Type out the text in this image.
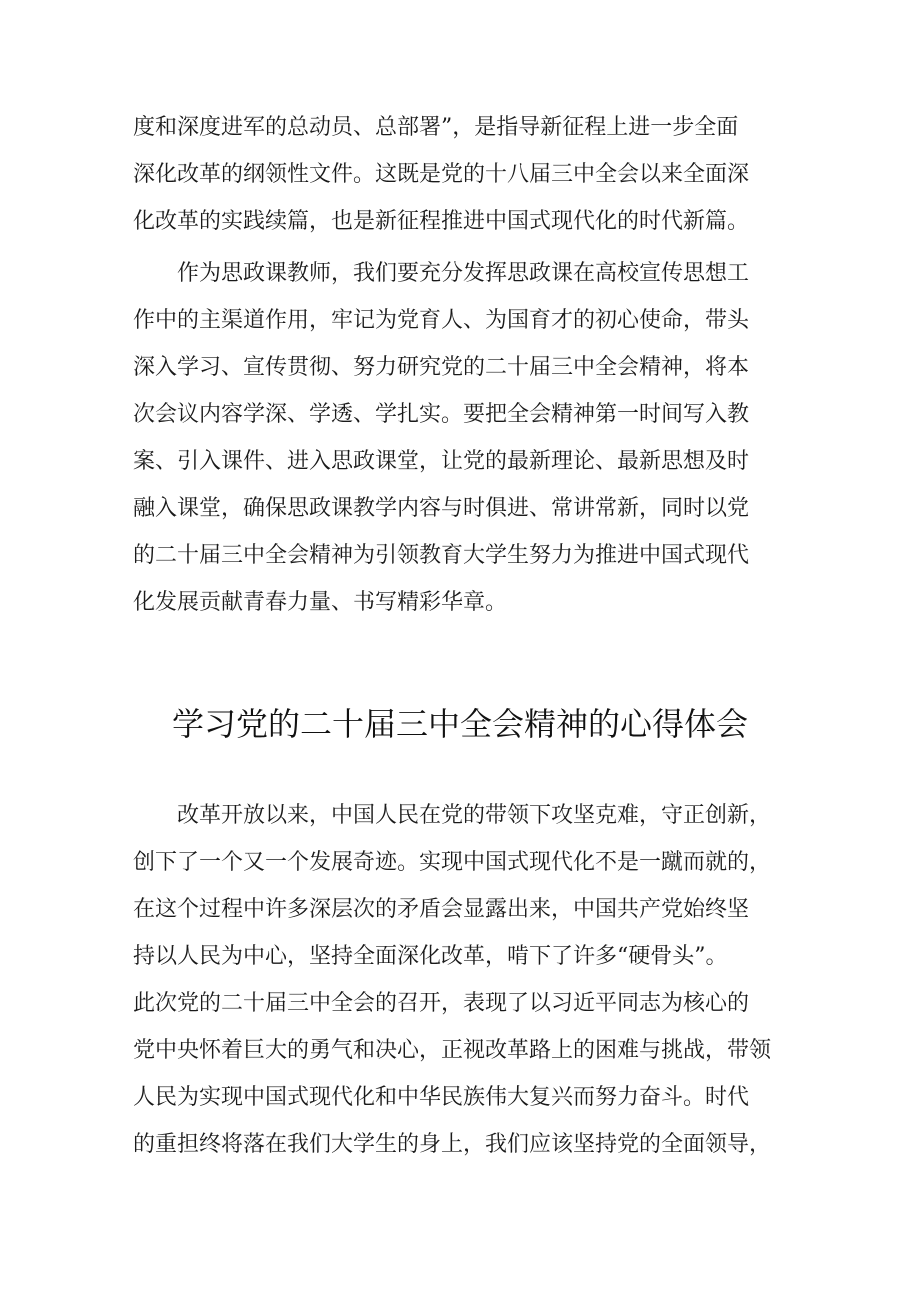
度和深度进军的总动员、总部署”，是指导新征程上进一步全面
深化改革的纲领性文件。这既是党的十八届三中全会以来全面深
化改革的实践续篇，也是新征程推进中国式现代化的时代新篇。
作为思政课教师，我们要充分发挥思政课在高校宣传思想工
作中的主渠道作用，牢记为党育人、为国育才的初心使命，带头
深入学习、宣传贯彻、努力研究党的二十届三中全会精神，将本
次会议内容学深、学透、学扎实。要把全会精神第一时间写入教
案、引入课件、进入思政课堂，让党的最新理论、最新思想及时
融入课堂，确保思政课教学内容与时俱进、常讲常新，同时以党
的二十届三中全会精神为引领教育大学生努力为推进中国式现代
化发展贡献青春力量、书写精彩华章。
学习党的二十届三中全会精神的心得体会
改革开放以来，中国人民在党的带领下攻坚克难，守正创新，
创下了一个又一个发展奇迹。实现中国式现代化不是一蹴而就的，
在这个过程中许多深层次的矛盾会显露出来，中国共产党始终坚
持以人民为中心，坚持全面深化改革，啃下了许多“硬骨头”。
此次党的二十届三中全会的召开，表现了以习近平同志为核心的
党中央怀着巨大的勇气和决心，正视改革路上的困难与挑战，带领
人民为实现中国式现代化和中华民族伟大复兴而努力奋斗。时代
的重担终将落在我们大学生的身上，我们应该坚持党的全面领导，
